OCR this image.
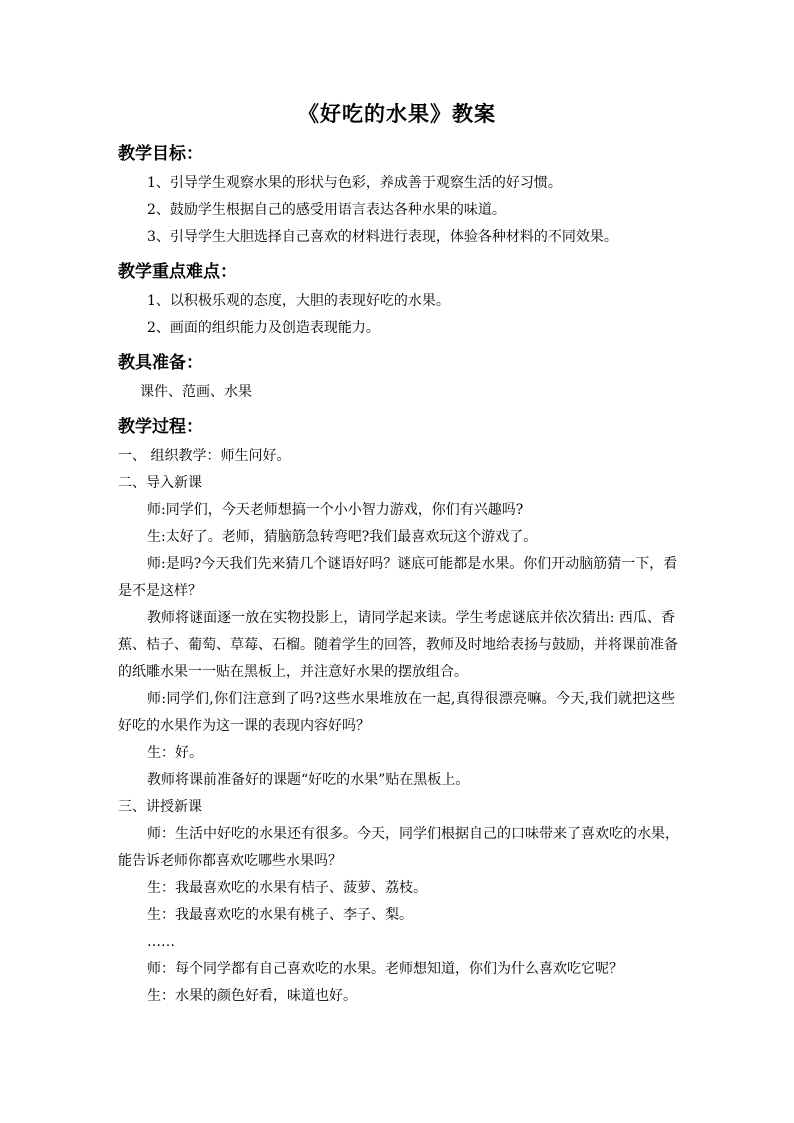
《好吃的水果》教案
教学目标：
1、引导学生观察水果的形状与色彩，养成善于观察生活的好习惯。
2、鼓励学生根据自己的感受用语言表达各种水果的味道。
3、引导学生大胆选择自己喜欢的材料进行表现，体验各种材料的不同效果。
教学重点难点：
1、以积极乐观的态度，大胆的表现好吃的水果。
2、画面的组织能力及创造表现能力。
教具准备：
课件、范画、水果
教学过程：
一、 组织教学：师生问好。
二、导入新课
师:同学们，今天老师想搞一个小小智力游戏，你们有兴趣吗?
生:太好了。老师，猜脑筋急转弯吧?我们最喜欢玩这个游戏了。
师:是吗?今天我们先来猜几个谜语好吗？谜底可能都是水果。你们开动脑筋猜一下，看
是不是这样？
教师将谜面逐一放在实物投影上，请同学起来读。学生考虑谜底并依次猜出: 西瓜、香
蕉、桔子、葡萄、草莓、石榴。随着学生的回答，教师及时地给表扬与鼓励，并将课前准备
的纸雕水果一一贴在黑板上，并注意好水果的摆放组合。
师:同学们,你们注意到了吗?这些水果堆放在一起,真得很漂亮嘛。今天,我们就把这些
好吃的水果作为这一课的表现内容好吗？
生：好。
教师将课前准备好的课题“好吃的水果”贴在黑板上。
三、讲授新课
师：生活中好吃的水果还有很多。今天，同学们根据自己的口味带来了喜欢吃的水果，
能告诉老师你都喜欢吃哪些水果吗？
生：我最喜欢吃的水果有桔子、菠萝、荔枝。
生：我最喜欢吃的水果有桃子、李子、梨。
……
师：每个同学都有自己喜欢吃的水果。老师想知道，你们为什么喜欢吃它呢？
生：水果的颜色好看，味道也好。
